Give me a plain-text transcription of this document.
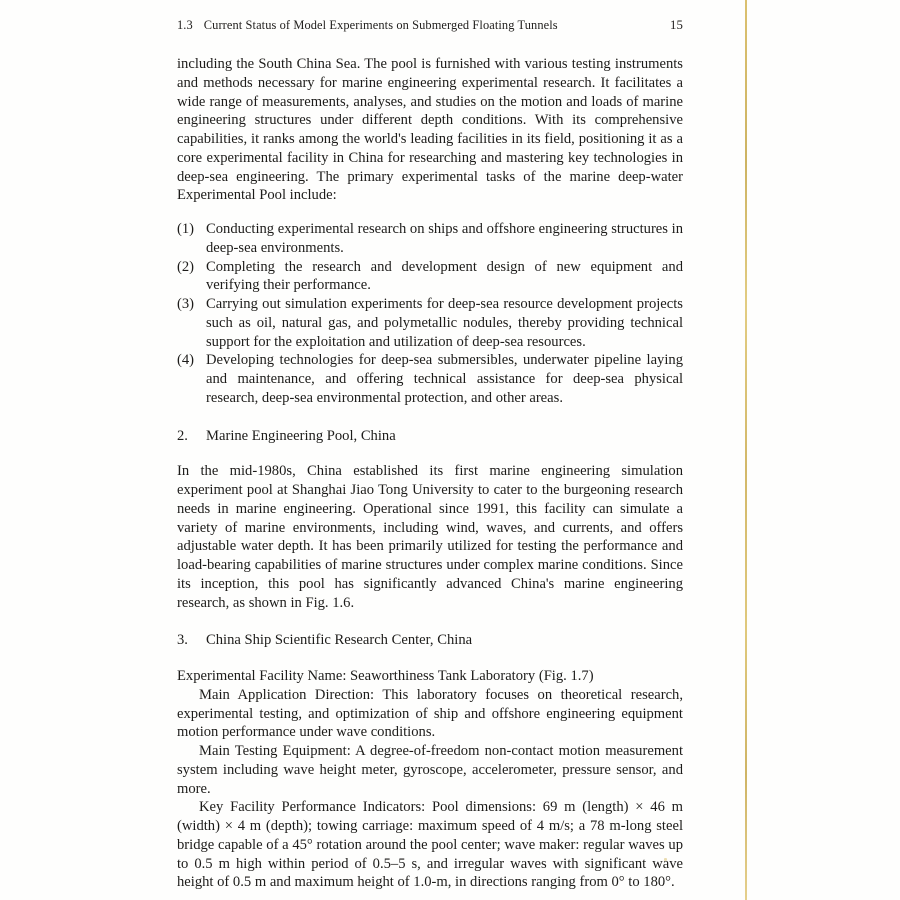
1.3 Current Status of Model Experiments on Submerged Floating Tunnels	15

including the South China Sea. The pool is furnished with various testing instruments and methods necessary for marine engineering experimental research. It facilitates a wide range of measurements, analyses, and studies on the motion and loads of marine engineering structures under different depth conditions. With its comprehensive capabilities, it ranks among the world's leading facilities in its field, positioning it as a core experimental facility in China for researching and mastering key technologies in deep-sea engineering. The primary experimental tasks of the marine deep-water Experimental Pool include:

(1) Conducting experimental research on ships and offshore engineering structures in deep-sea environments.
(2) Completing the research and development design of new equipment and verifying their performance.
(3) Carrying out simulation experiments for deep-sea resource development projects such as oil, natural gas, and polymetallic nodules, thereby providing technical support for the exploitation and utilization of deep-sea resources.
(4) Developing technologies for deep-sea submersibles, underwater pipeline laying and maintenance, and offering technical assistance for deep-sea physical research, deep-sea environmental protection, and other areas.
2.	Marine Engineering Pool, China

In the mid-1980s, China established its first marine engineering simulation experiment pool at Shanghai Jiao Tong University to cater to the burgeoning research needs in marine engineering. Operational since 1991, this facility can simulate a variety of marine environments, including wind, waves, and currents, and offers adjustable water depth. It has been primarily utilized for testing the performance and load-bearing capabilities of marine structures under complex marine conditions. Since its inception, this pool has significantly advanced China's marine engineering research, as shown in Fig. 1.6.

3.	China Ship Scientific Research Center, China

Experimental Facility Name: Seaworthiness Tank Laboratory (Fig. 1.7)

Main Application Direction: This laboratory focuses on theoretical research, experimental testing, and optimization of ship and offshore engineering equipment motion performance under wave conditions.

Main Testing Equipment: A degree-of-freedom non-contact motion measurement system including wave height meter, gyroscope, accelerometer, pressure sensor, and more.

Key Facility Performance Indicators: Pool dimensions: 69 m (length) × 46 m (width) × 4 m (depth); towing carriage: maximum speed of 4 m/s; a 78 m-long steel bridge capable of a 45° rotation around the pool center; wave maker: regular waves up to 0.5 m high within period of 0.5–5 s, and irregular waves with significant wave height of 0.5 m and maximum height of 1.0-m, in directions ranging from 0° to 180°.
